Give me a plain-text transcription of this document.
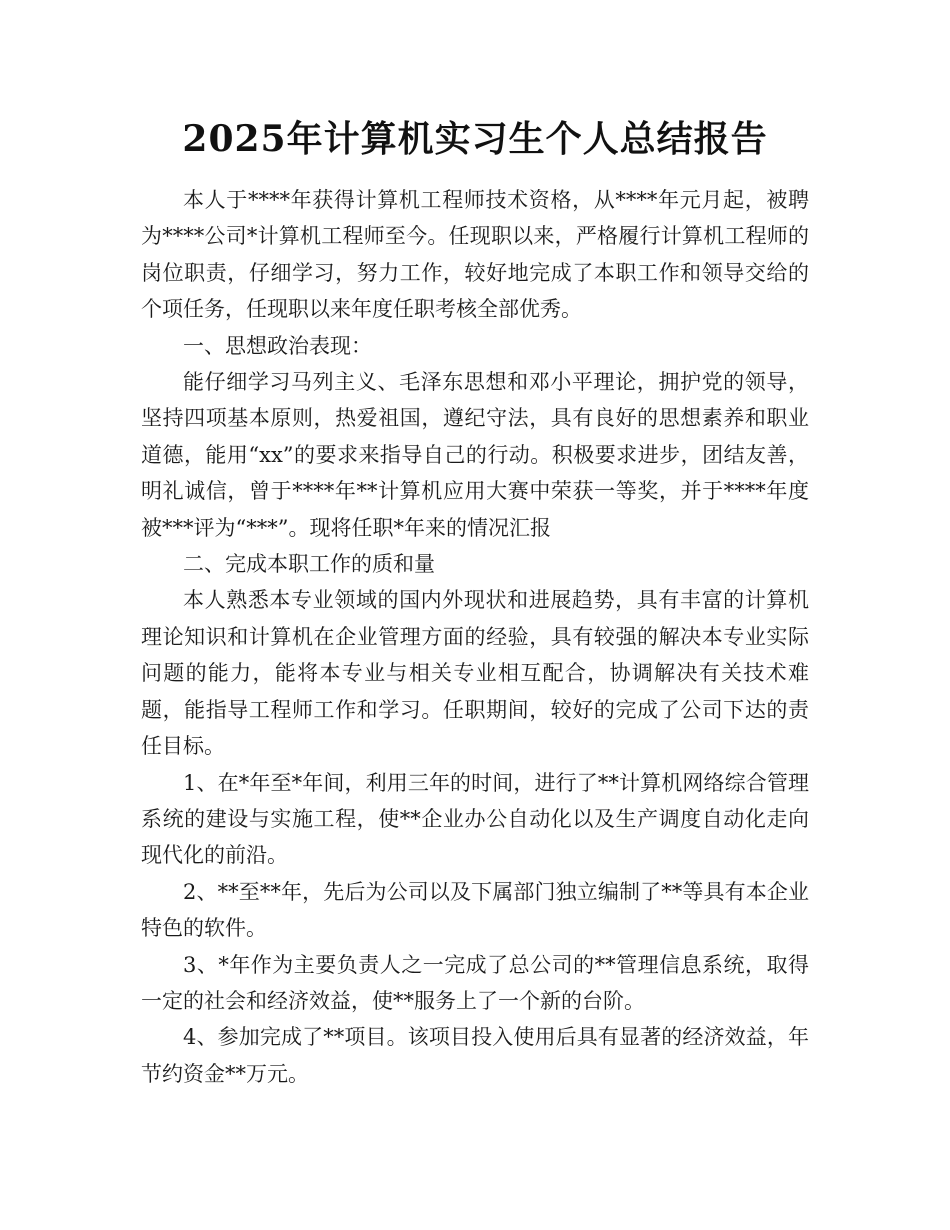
2025年计算机实习生个人总结报告

本人于****年获得计算机工程师技术资格，从****年元月起，被聘为****公司*计算机工程师至今。任现职以来，严格履行计算机工程师的岗位职责，仔细学习，努力工作，较好地完成了本职工作和领导交给的个项任务，任现职以来年度任职考核全部优秀。

一、思想政治表现：

能仔细学习马列主义、毛泽东思想和邓小平理论，拥护党的领导，坚持四项基本原则，热爱祖国，遵纪守法，具有良好的思想素养和职业道德，能用“xx”的要求来指导自己的行动。积极要求进步，团结友善，明礼诚信，曾于****年**计算机应用大赛中荣获一等奖，并于****年度被***评为“***”。现将任职*年来的情况汇报

二、完成本职工作的质和量

本人熟悉本专业领域的国内外现状和进展趋势，具有丰富的计算机理论知识和计算机在企业管理方面的经验，具有较强的解决本专业实际问题的能力，能将本专业与相关专业相互配合，协调解决有关技术难题，能指导工程师工作和学习。任职期间，较好的完成了公司下达的责任目标。

1、在*年至*年间，利用三年的时间，进行了**计算机网络综合管理系统的建设与实施工程，使**企业办公自动化以及生产调度自动化走向现代化的前沿。

2、**至**年，先后为公司以及下属部门独立编制了**等具有本企业特色的软件。

3、*年作为主要负责人之一完成了总公司的**管理信息系统，取得一定的社会和经济效益，使**服务上了一个新的台阶。

4、参加完成了**项目。该项目投入使用后具有显著的经济效益，年节约资金**万元。
